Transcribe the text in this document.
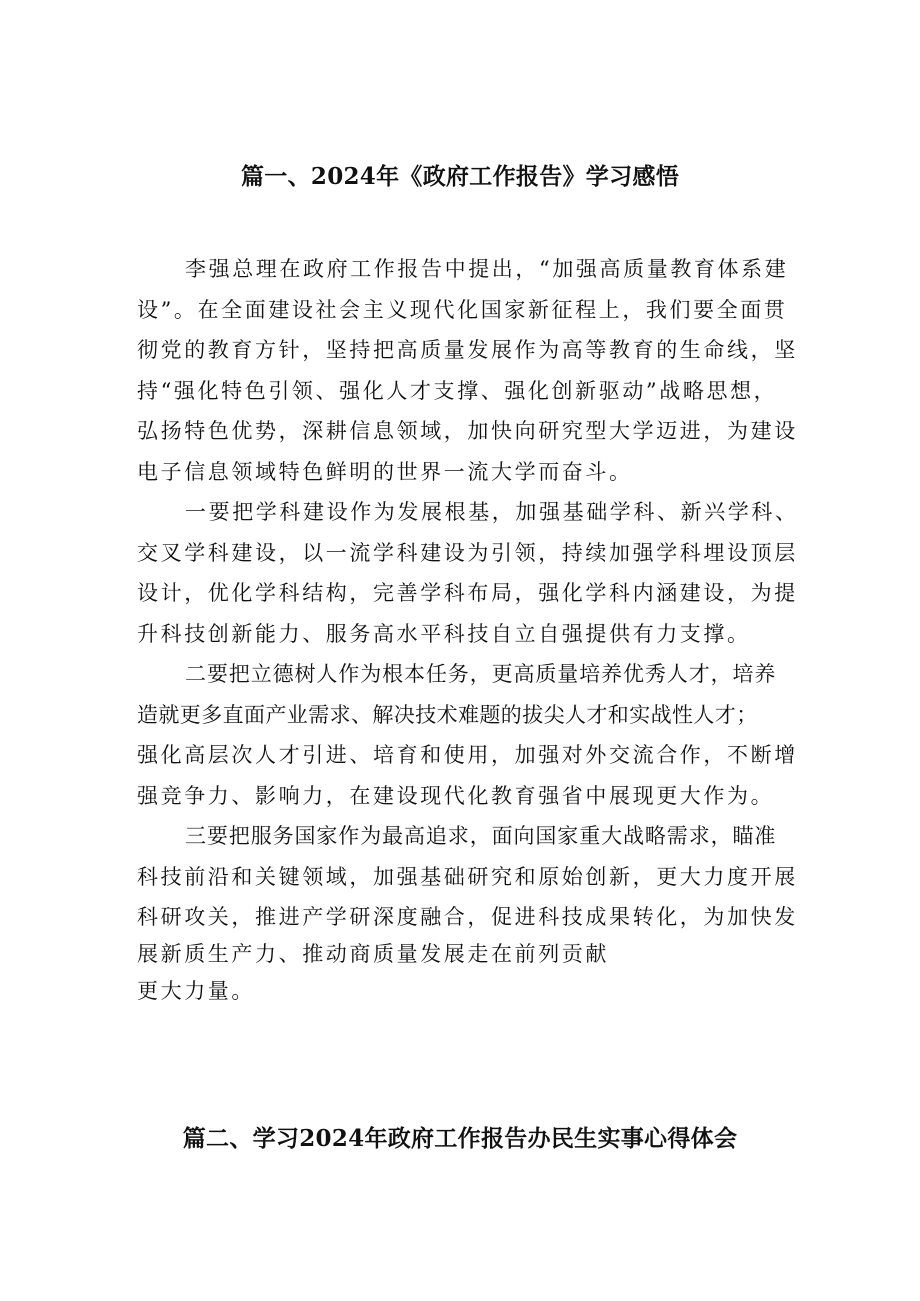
篇一、2024年《政府工作报告》学习感悟
李强总理在政府工作报告中提出，“加强高质量教育体系建
设”。在全面建设社会主义现代化国家新征程上，我们要全面贯
彻党的教育方针，坚持把高质量发展作为高等教育的生命线，坚
持“强化特色引领、强化人才支撑、强化创新驱动”战略思想，
弘扬特色优势，深耕信息领域，加快向研究型大学迈进，为建设
电子信息领域特色鲜明的世界一流大学而奋斗。
一要把学科建设作为发展根基，加强基础学科、新兴学科、
交叉学科建设，以一流学科建设为引领，持续加强学科埋设顶层
设计，优化学科结构，完善学科布局，强化学科内涵建设，为提
升科技创新能力、服务高水平科技自立自强提供有力支撑。
二要把立德树人作为根本任务，更高质量培养优秀人才，培养
造就更多直面产业需求、解决技术难题的拔尖人才和实战性人才；
强化高层次人才引进、培育和使用，加强对外交流合作，不断增
强竞争力、影响力，在建设现代化教育强省中展现更大作为。
三要把服务国家作为最高追求，面向国家重大战略需求，瞄准
科技前沿和关键领域，加强基础研究和原始创新，更大力度开展
科研攻关，推进产学研深度融合，促进科技成果转化，为加快发
展新质生产力、推动商质量发展走在前列贡献
更大力量。
篇二、学习2024年政府工作报告办民生实事心得体会
